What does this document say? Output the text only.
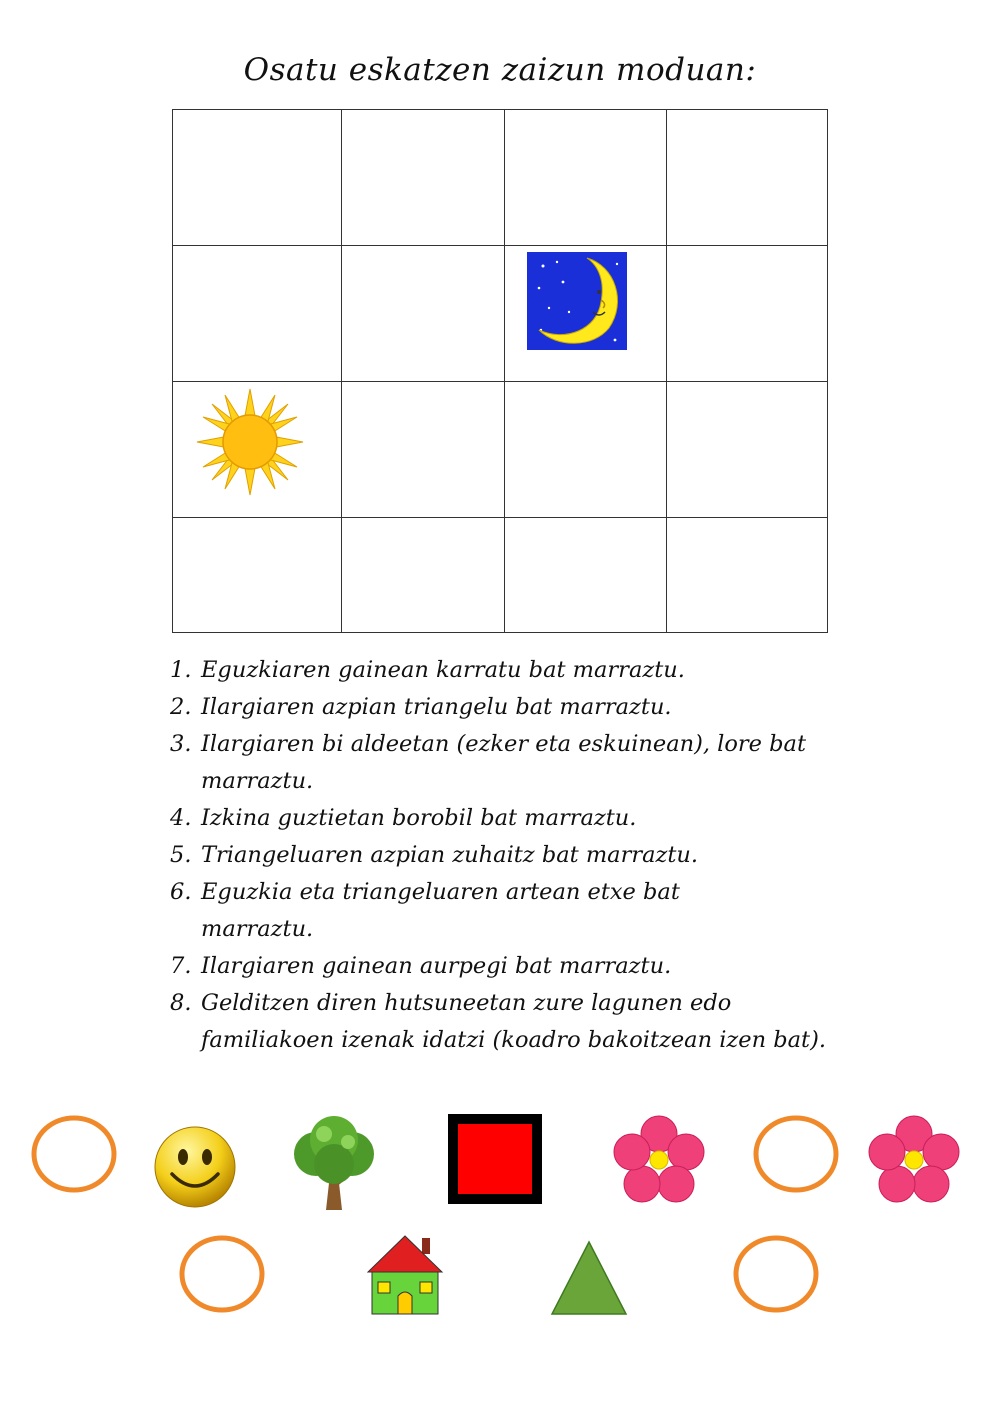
Osatu eskatzen zaizun moduan:
1. Eguzkiaren gainean karratu bat marraztu.
2. Ilargiaren azpian triangelu bat marraztu.
3. Ilargiaren bi aldeetan (ezker eta eskuinean), lore bat marraztu.
4. Izkina guztietan borobil bat marraztu.
5. Triangeluaren azpian zuhaitz bat marraztu.
6. Eguzkia eta triangeluaren artean etxe bat marraztu.
7. Ilargiaren gainean aurpegi bat marraztu.
8. Gelditzen diren hutsuneetan zure lagunen edo familiakoen izenak idatzi (koadro bakoitzean izen bat).
